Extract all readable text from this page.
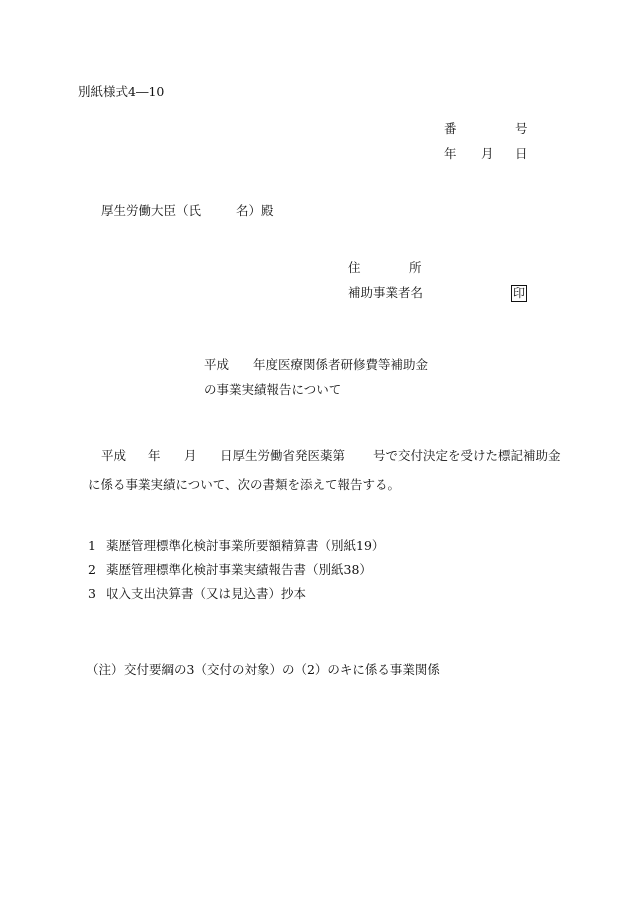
別紙様式4―10
番	号
年 月 日
厚生労働大臣（氏	名）殿
住	所
補助事業者名	印
平成 年度医療関係者研修費等補助金
の事業実績報告について
平成 年 月 日厚生労働省発医薬第 号で交付決定を受けた標記補助金
に係る事業実績について、次の書類を添えて報告する。
1 薬歴管理標準化検討事業所要額精算書（別紙19）
2 薬歴管理標準化検討事業実績報告書（別紙38）
3 収入支出決算書（又は見込書）抄本
（注） 交付要綱の3（交付の対象）の（2）のキに係る事業関係
